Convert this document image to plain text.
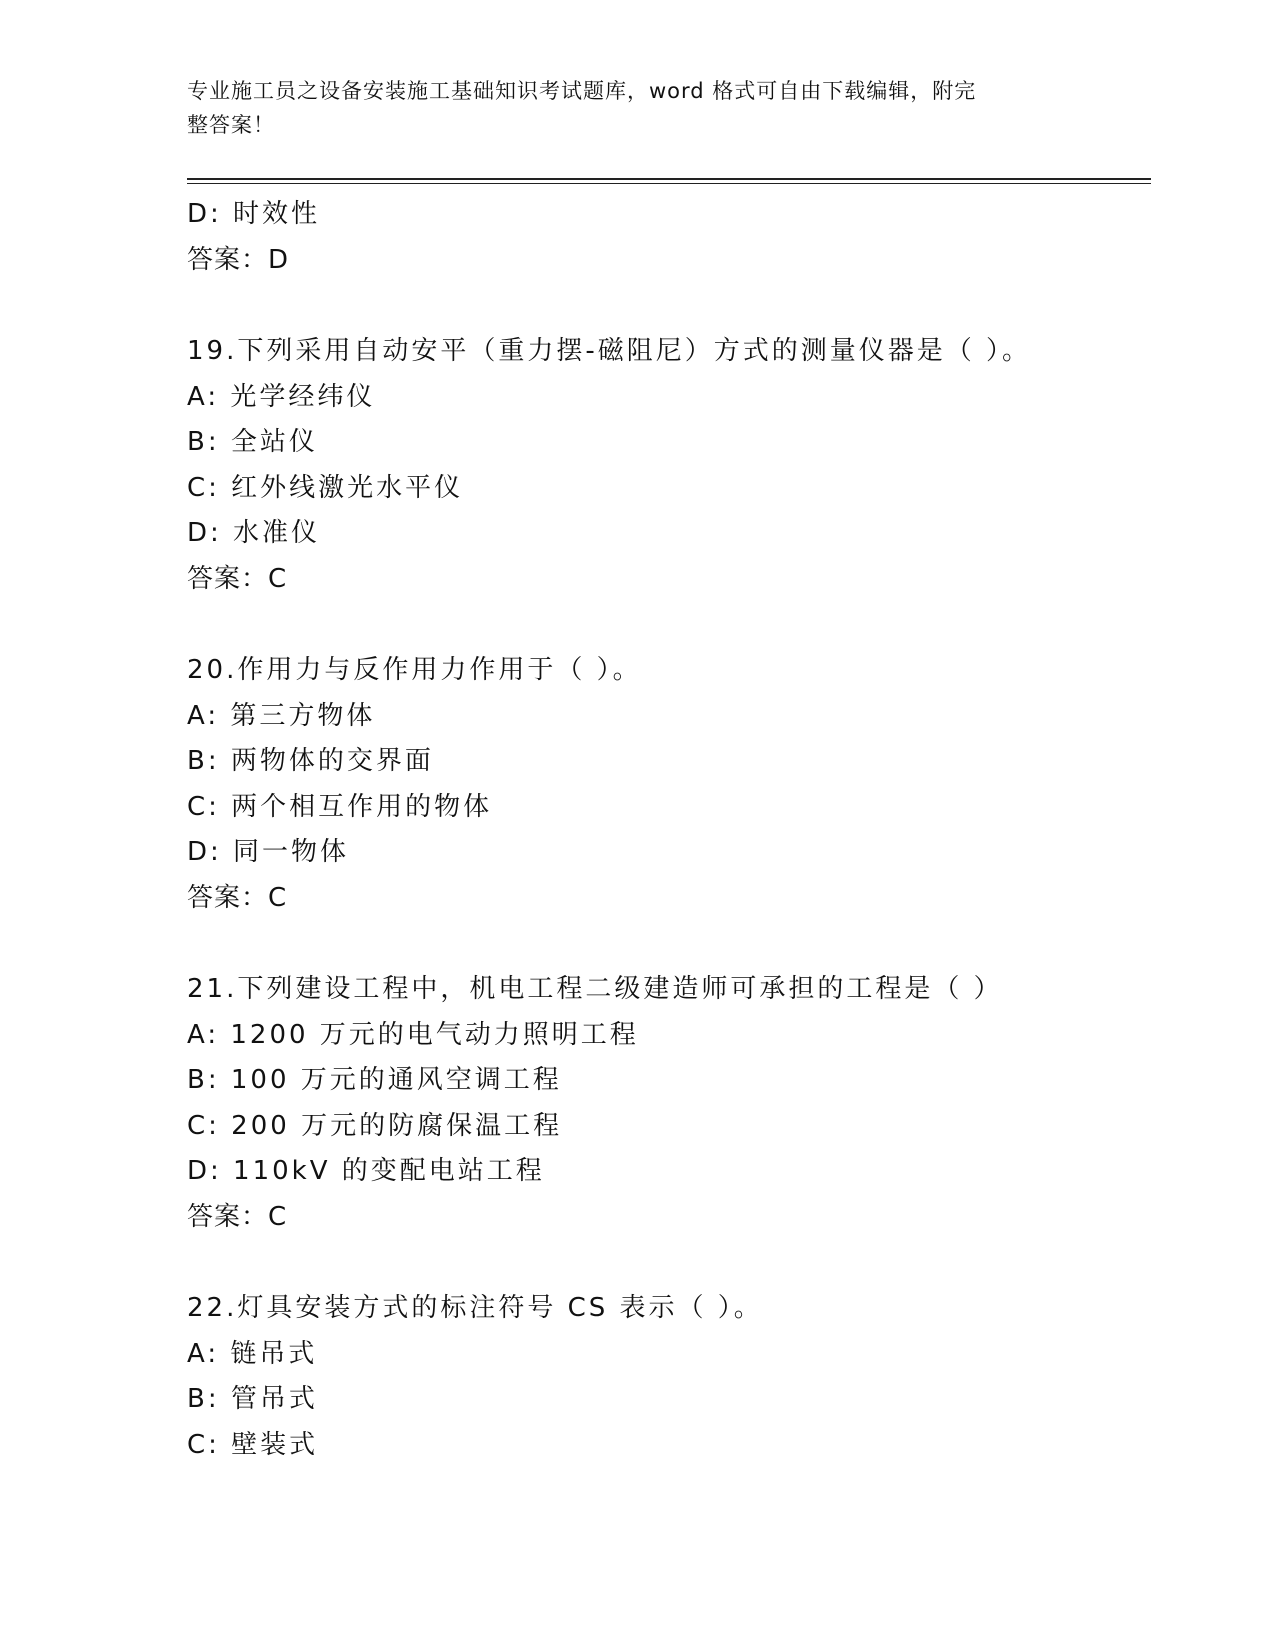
专业施工员之设备安装施工基础知识考试题库，word 格式可自由下载编辑，附完
整答案！
D: 时效性
答案：D
19.下列采用自动安平（重力摆-磁阻尼）方式的测量仪器是（ ）。
A: 光学经纬仪
B: 全站仪
C: 红外线激光水平仪
D: 水准仪
答案：C
20.作用力与反作用力作用于（ ）。
A: 第三方物体
B: 两物体的交界面
C: 两个相互作用的物体
D: 同一物体
答案：C
21.下列建设工程中，机电工程二级建造师可承担的工程是（ ）
A: 1200 万元的电气动力照明工程
B: 100 万元的通风空调工程
C: 200 万元的防腐保温工程
D: 110kV 的变配电站工程
答案：C
22.灯具安装方式的标注符号 CS 表示（ ）。
A: 链吊式
B: 管吊式
C: 壁装式
